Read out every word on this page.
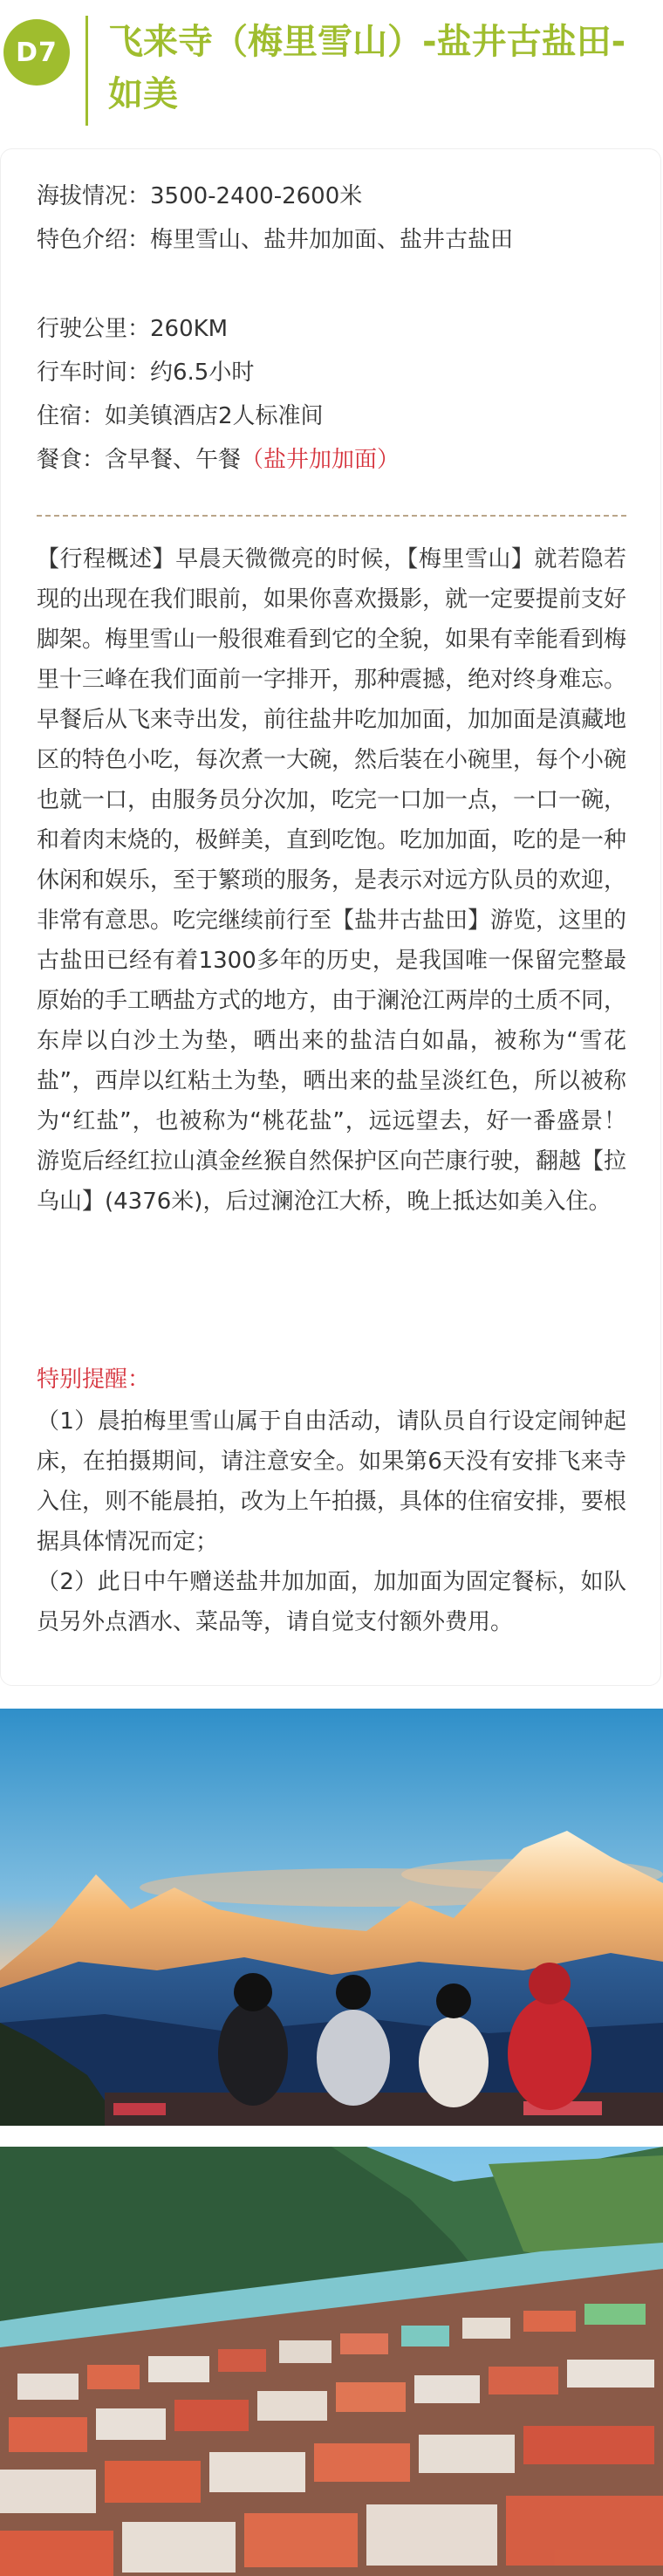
D7	飞来寺（梅里雪山）-盐井古盐田-如美
海拔情况：3500-2400-2600米
特色介绍：梅里雪山、盐井加加面、盐井古盐田
行驶公里：260KM
行车时间：约6.5小时
住宿：如美镇酒店2人标准间
餐食：含早餐、午餐（盐井加加面）

【行程概述】早晨天微微亮的时候，【梅里雪山】就若隐若现的出现在我们眼前，如果你喜欢摄影，就一定要提前支好脚架。梅里雪山一般很难看到它的全貌，如果有幸能看到梅里十三峰在我们面前一字排开，那种震撼，绝对终身难忘。早餐后从飞来寺出发，前往盐井吃加加面，加加面是滇藏地区的特色小吃，每次煮一大碗，然后装在小碗里，每个小碗也就一口，由服务员分次加，吃完一口加一点，一口一碗，和着肉末烧的，极鲜美，直到吃饱。吃加加面，吃的是一种休闲和娱乐，至于繁琐的服务，是表示对远方队员的欢迎，非常有意思。吃完继续前行至【盐井古盐田】游览，这里的古盐田已经有着1300多年的历史，是我国唯一保留完整最原始的手工晒盐方式的地方，由于澜沧江两岸的土质不同，东岸以白沙土为垫，晒出来的盐洁白如晶，被称为“雪花盐”，西岸以红粘土为垫，晒出来的盐呈淡红色，所以被称为“红盐”，也被称为“桃花盐”，远远望去，好一番盛景！游览后经红拉山滇金丝猴自然保护区向芒康行驶，翻越【拉乌山】(4376米)，后过澜沧江大桥，晚上抵达如美入住。

特别提醒：

（1）晨拍梅里雪山属于自由活动，请队员自行设定闹钟起床，在拍摄期间，请注意安全。如果第6天没有安排飞来寺入住，则不能晨拍，改为上午拍摄，具体的住宿安排，要根据具体情况而定；

（2）此日中午赠送盐井加加面，加加面为固定餐标，如队员另外点酒水、菜品等，请自觉支付额外费用。
